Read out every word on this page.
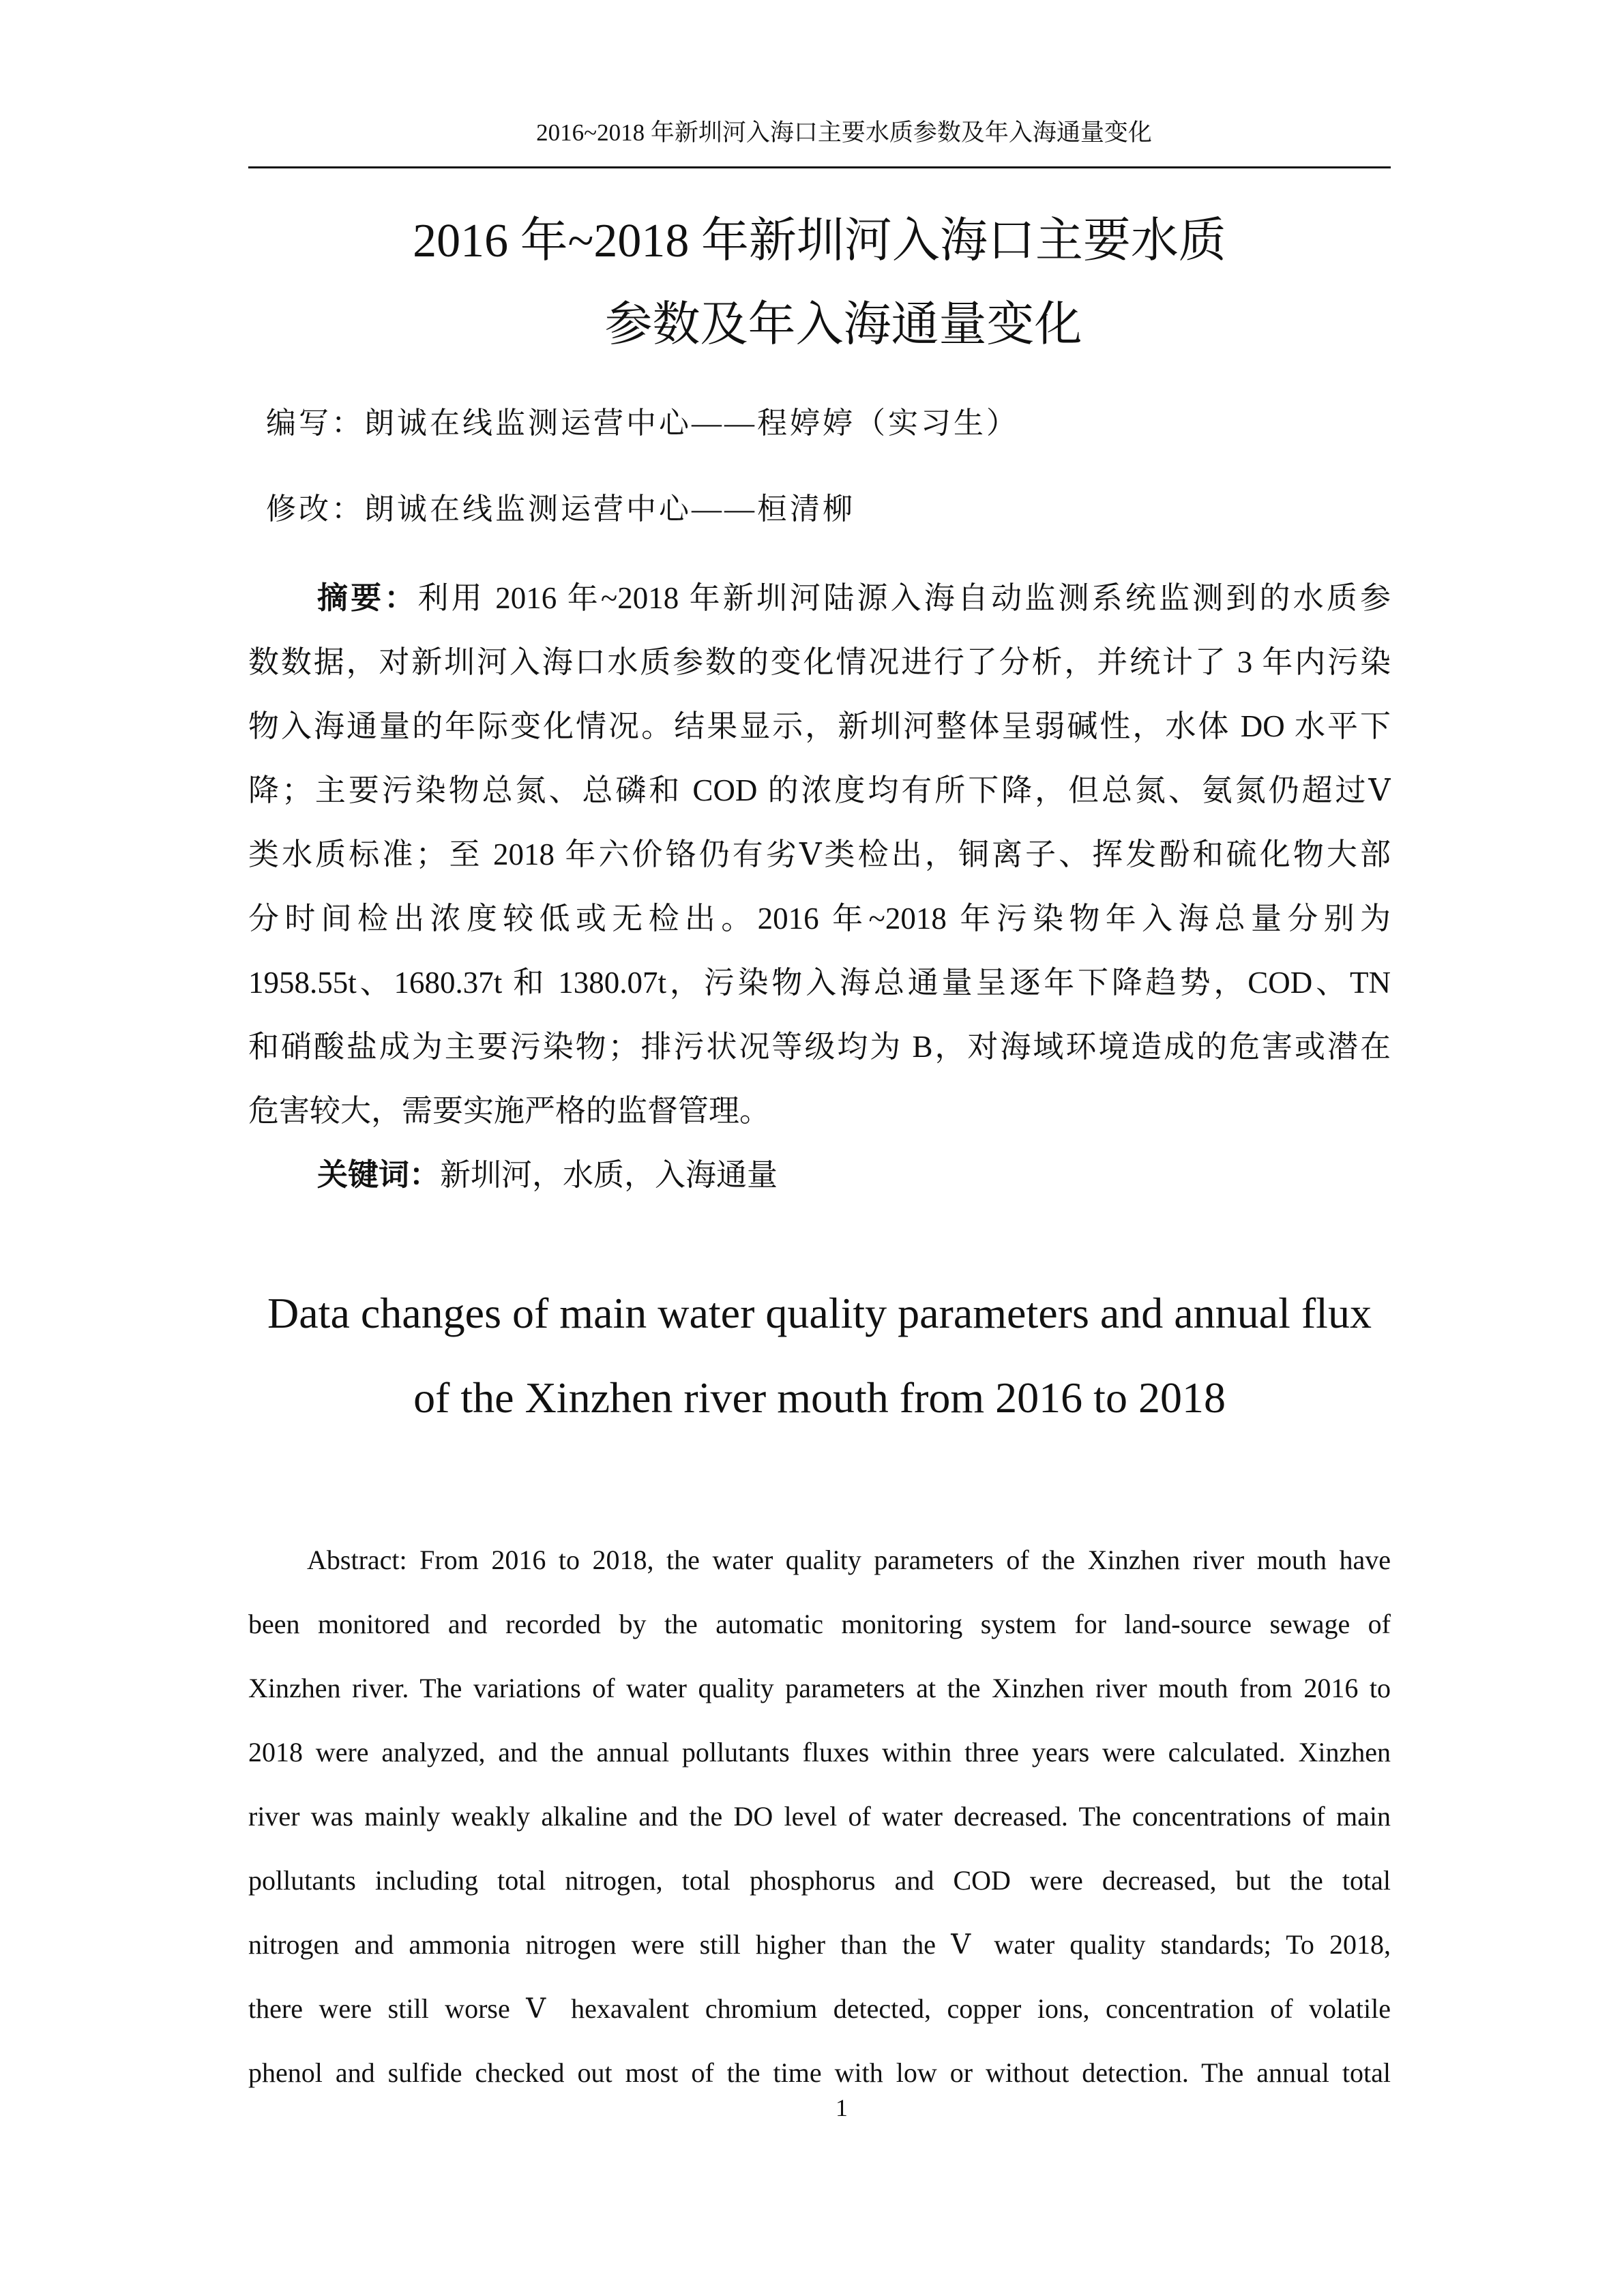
2016~2018 年新圳河入海口主要水质参数及年入海通量变化
2016 年~2018 年新圳河入海口主要水质
参数及年入海通量变化
编写：朗诚在线监测运营中心——程婷婷（实习生）
修改：朗诚在线监测运营中心——桓清柳
摘要：利用 2016 年~2018 年新圳河陆源入海自动监测系统监测到的水质参
数数据，对新圳河入海口水质参数的变化情况进行了分析，并统计了 3 年内污染
物入海通量的年际变化情况。结果显示，新圳河整体呈弱碱性，水体 DO 水平下
降；主要污染物总氮、总磷和 COD 的浓度均有所下降，但总氮、氨氮仍超过Ⅴ
类水质标准；至 2018 年六价铬仍有劣Ⅴ类检出，铜离子、挥发酚和硫化物大部
分时间检出浓度较低或无检出。2016 年~2018 年污染物年入海总量分别为
1958.55t、1680.37t 和 1380.07t，污染物入海总通量呈逐年下降趋势，COD、TN
和硝酸盐成为主要污染物；排污状况等级均为 B，对海域环境造成的危害或潜在
危害较大，需要实施严格的监督管理。
关键词：新圳河，水质，入海通量
Data changes of main water quality parameters and annual flux
of the Xinzhen river mouth from 2016 to 2018
Abstract: From 2016 to 2018, the water quality parameters of the Xinzhen river mouth have
been monitored and recorded by the automatic monitoring system for land-source sewage of
Xinzhen river. The variations of water quality parameters at the Xinzhen river mouth from 2016 to
2018 were analyzed, and the annual pollutants fluxes within three years were calculated. Xinzhen
river was mainly weakly alkaline and the DO level of water decreased. The concentrations of main
pollutants including total nitrogen, total phosphorus and COD were decreased, but the total
nitrogen and ammonia nitrogen were still higher than the Ⅴ water quality standards; To 2018,
there were still worse Ⅴ hexavalent chromium detected, copper ions, concentration of volatile
phenol and sulfide checked out most of the time with low or without detection. The annual total
1
